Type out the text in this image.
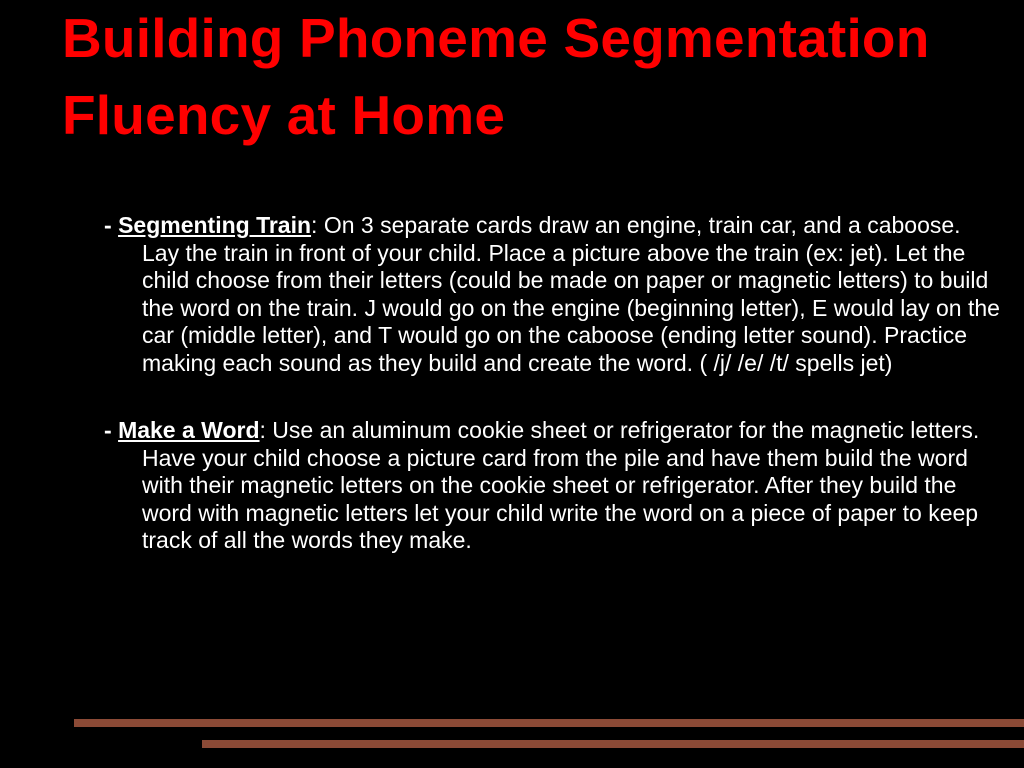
Building Phoneme Segmentation Fluency at Home

- Segmenting Train: On 3 separate cards draw an engine, train car, and a caboose. Lay the train in front of your child. Place a picture above the train (ex: jet). Let the child choose from their letters (could be made on paper or magnetic letters) to build the word on the train. J would go on the engine (beginning letter), E would lay on the car (middle letter), and T would go on the caboose (ending letter sound). Practice making each sound as they build and create the word. ( /j/ /e/ /t/ spells jet)

- Make a Word: Use an aluminum cookie sheet or refrigerator for the magnetic letters. Have your child choose a picture card from the pile and have them build the word with their magnetic letters on the cookie sheet or refrigerator. After they build the word with magnetic letters let your child write the word on a piece of paper to keep track of all the words they make.
